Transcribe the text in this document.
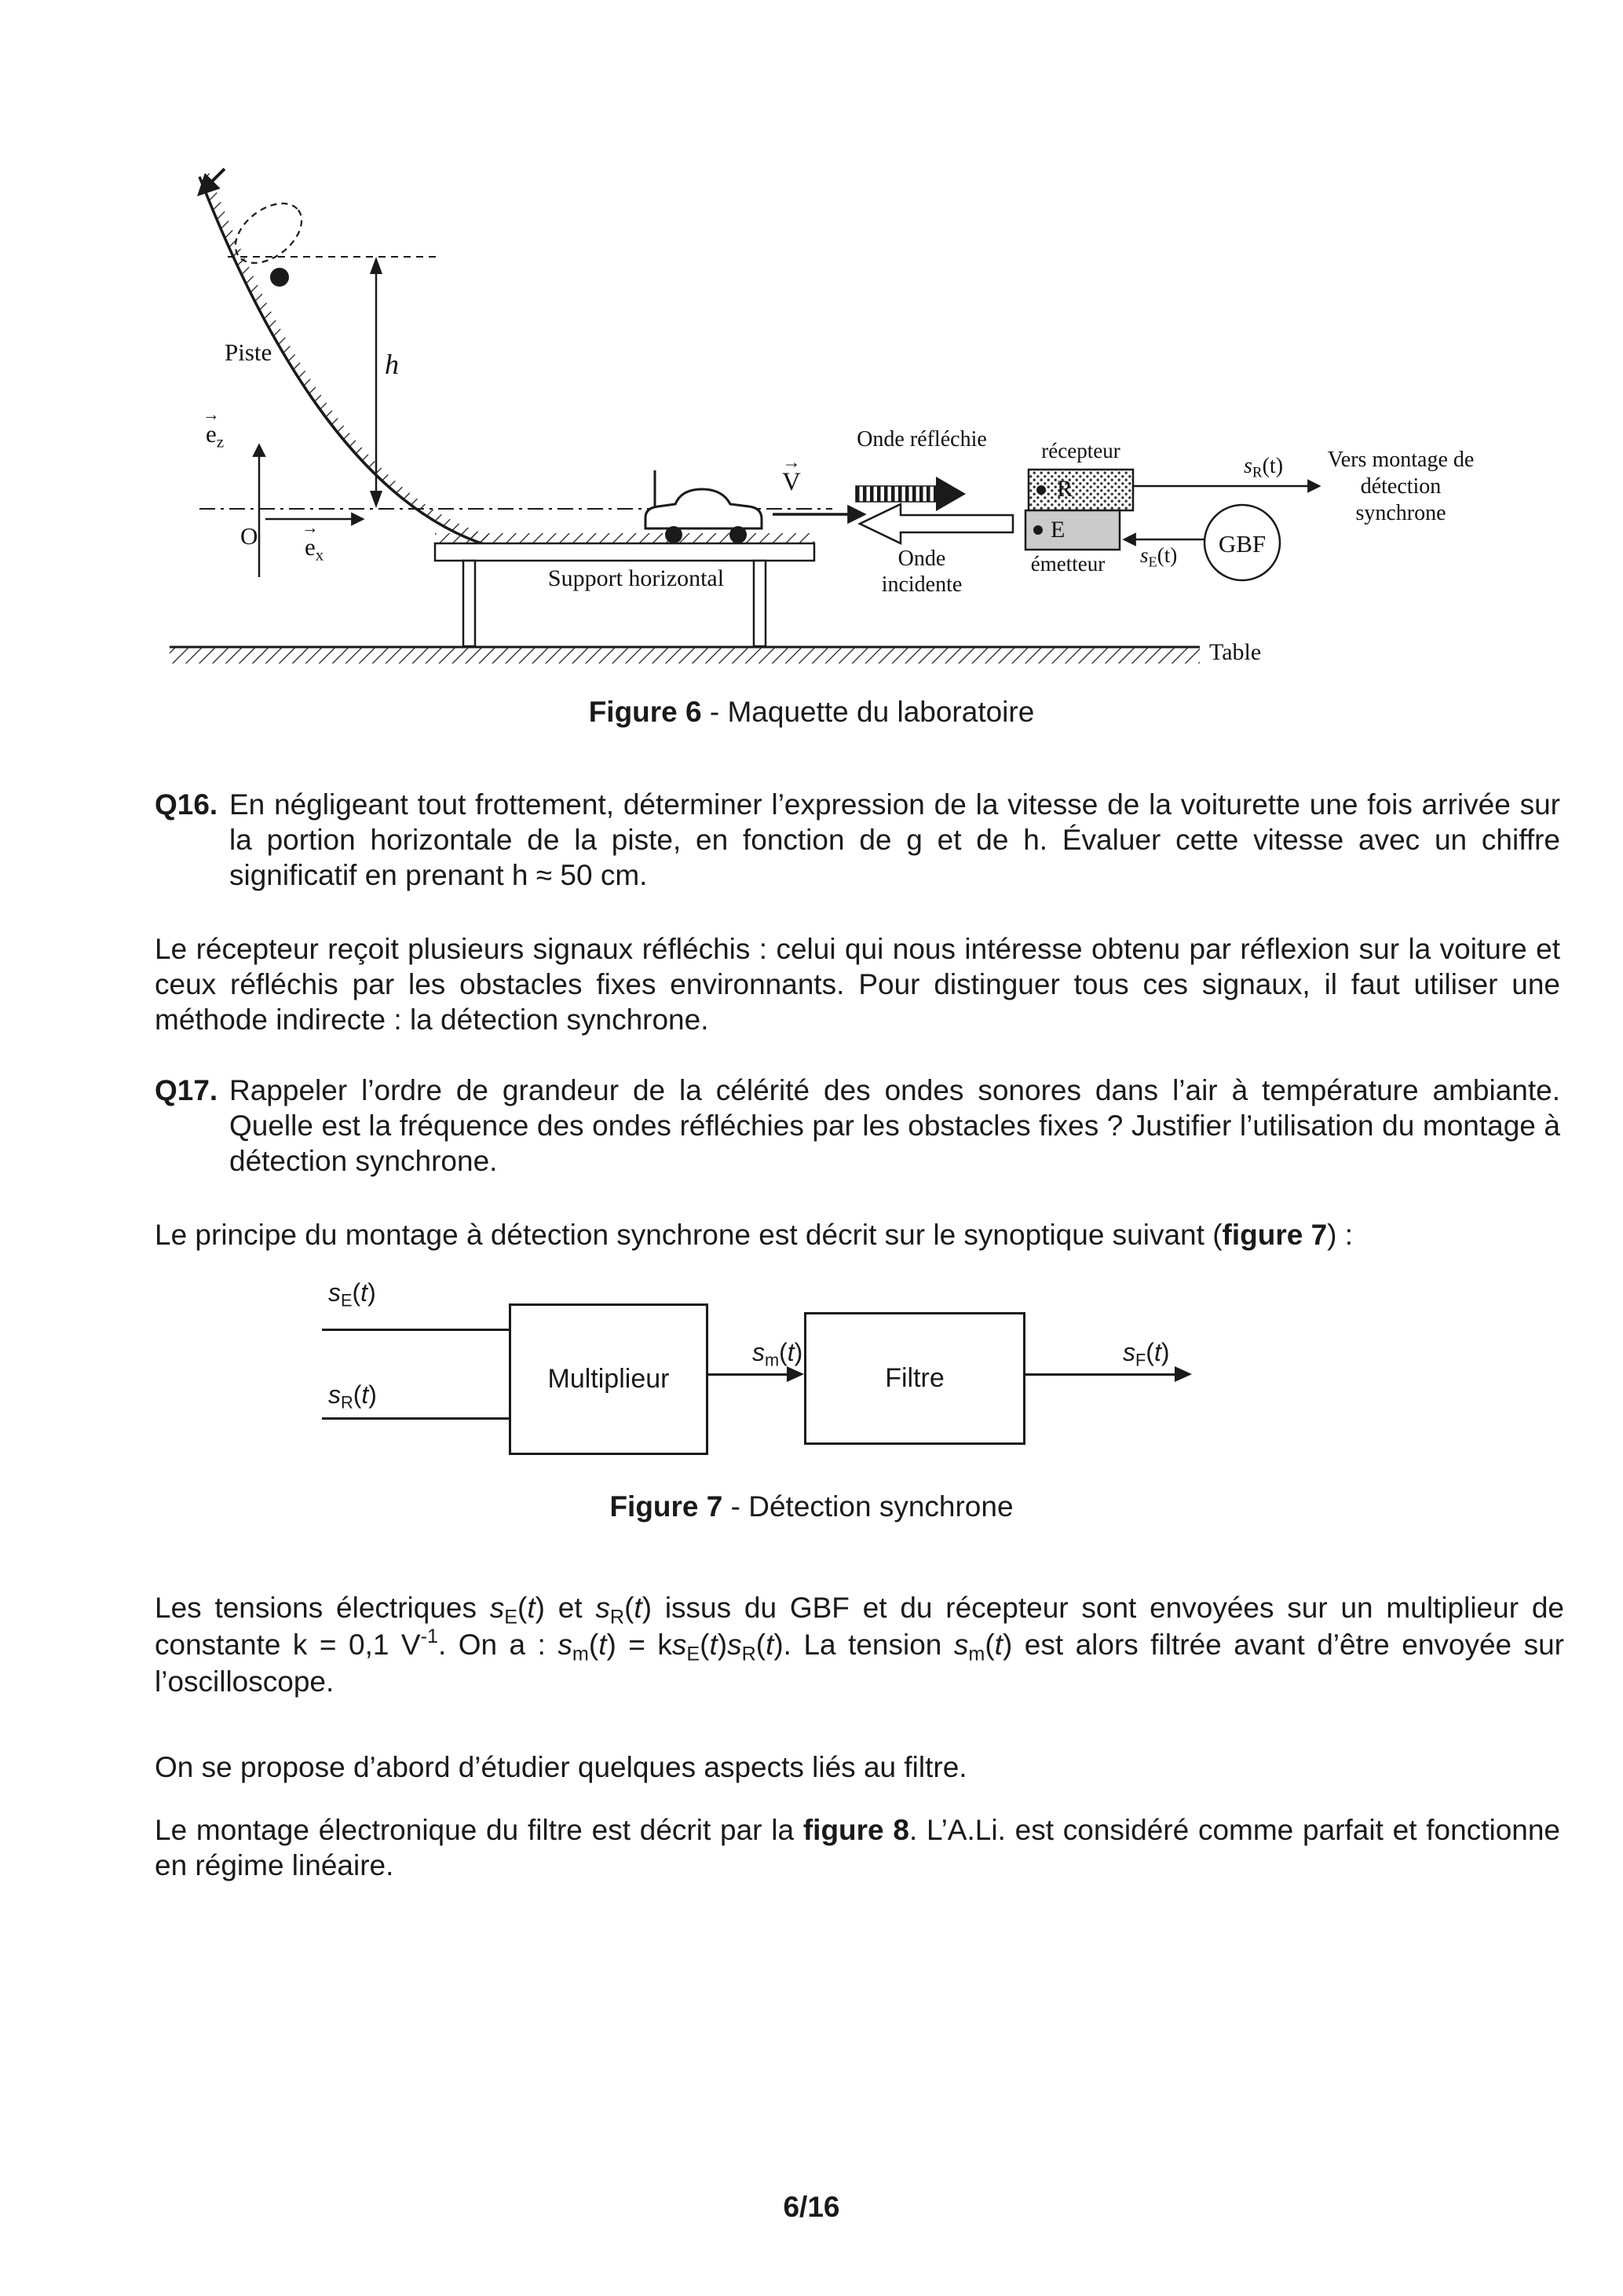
Piste	h
→ $e_z$
$O \to e_x$
Support horizontal
→ V
Onde réfléchie
Onde incidente
récepteur
R
E
émetteur
$s_R(t)$
$s_E(t)$	GBF
Vers montage de détection synchrone
Table
Figure 6 - Maquette du laboratoire
Q16. En négligeant tout frottement, déterminer l’expression de la vitesse de la voiturette une fois arrivée sur la portion horizontale de la piste, en fonction de g et de h. Évaluer cette vitesse avec un chiffre significatif en prenant h ≈ 50 cm.
Le récepteur reçoit plusieurs signaux réfléchis : celui qui nous intéresse obtenu par réflexion sur la voiture et ceux réfléchis par les obstacles fixes environnants. Pour distinguer tous ces signaux, il faut utiliser une méthode indirecte : la détection synchrone.
Q17. Rappeler l’ordre de grandeur de la célérité des ondes sonores dans l’air à température ambiante. Quelle est la fréquence des ondes réfléchies par les obstacles fixes ? Justifier l’utilisation du montage à détection synchrone.
Le principe du montage à détection synchrone est décrit sur le synoptique suivant (figure 7) :
$s_E(t)$
$s_R(t)$
Multiplieur
$s_m(t)$
Filtre
$s_F(t)$
Figure 7 - Détection synchrone
Les tensions électriques $s_E(t)$ et $s_R(t)$ issus du GBF et du récepteur sont envoyées sur un multiplieur de constante k = 0,1 $V^{-1}$. On a : $s_m(t) = ks_E(t)s_R(t)$. La tension $s_m(t)$ est alors filtrée avant d’être envoyée sur l’oscilloscope.
On se propose d’abord d’étudier quelques aspects liés au filtre.
Le montage électronique du filtre est décrit par la figure 8. L’A.Li. est considéré comme parfait et fonctionne en régime linéaire.
6/16
